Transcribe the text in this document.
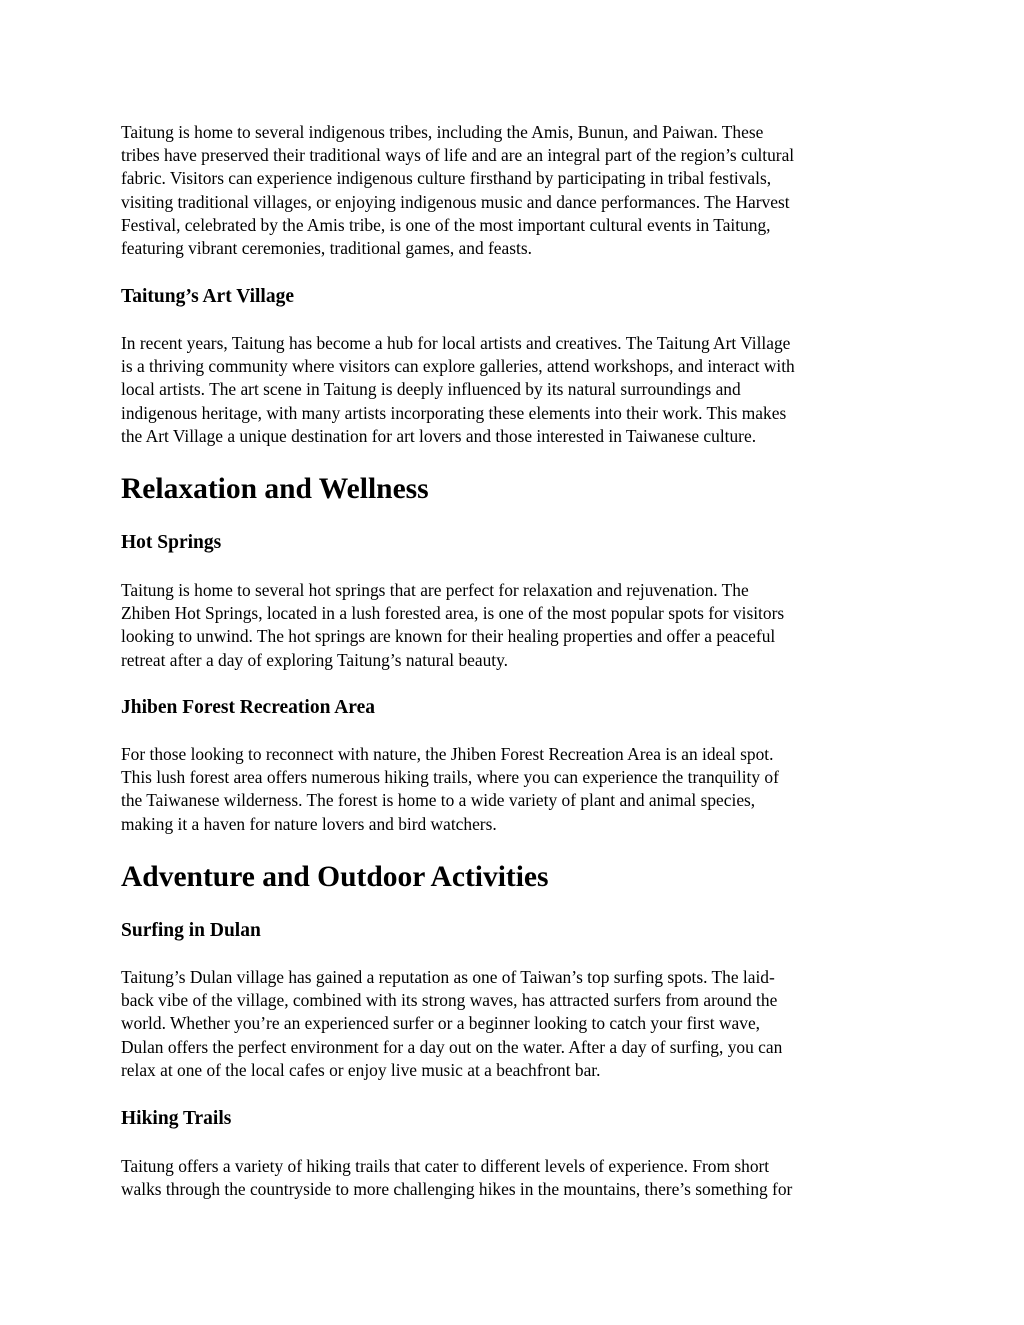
Taitung is home to several indigenous tribes, including the Amis, Bunun, and Paiwan. These
tribes have preserved their traditional ways of life and are an integral part of the region’s cultural
fabric. Visitors can experience indigenous culture firsthand by participating in tribal festivals,
visiting traditional villages, or enjoying indigenous music and dance performances. The Harvest
Festival, celebrated by the Amis tribe, is one of the most important cultural events in Taitung,
featuring vibrant ceremonies, traditional games, and feasts.
Taitung’s Art Village
In recent years, Taitung has become a hub for local artists and creatives. The Taitung Art Village
is a thriving community where visitors can explore galleries, attend workshops, and interact with
local artists. The art scene in Taitung is deeply influenced by its natural surroundings and
indigenous heritage, with many artists incorporating these elements into their work. This makes
the Art Village a unique destination for art lovers and those interested in Taiwanese culture.
Relaxation and Wellness
Hot Springs
Taitung is home to several hot springs that are perfect for relaxation and rejuvenation. The
Zhiben Hot Springs, located in a lush forested area, is one of the most popular spots for visitors
looking to unwind. The hot springs are known for their healing properties and offer a peaceful
retreat after a day of exploring Taitung’s natural beauty.
Jhiben Forest Recreation Area
For those looking to reconnect with nature, the Jhiben Forest Recreation Area is an ideal spot.
This lush forest area offers numerous hiking trails, where you can experience the tranquility of
the Taiwanese wilderness. The forest is home to a wide variety of plant and animal species,
making it a haven for nature lovers and bird watchers.
Adventure and Outdoor Activities
Surfing in Dulan
Taitung’s Dulan village has gained a reputation as one of Taiwan’s top surfing spots. The laid-
back vibe of the village, combined with its strong waves, has attracted surfers from around the
world. Whether you’re an experienced surfer or a beginner looking to catch your first wave,
Dulan offers the perfect environment for a day out on the water. After a day of surfing, you can
relax at one of the local cafes or enjoy live music at a beachfront bar.
Hiking Trails
Taitung offers a variety of hiking trails that cater to different levels of experience. From short
walks through the countryside to more challenging hikes in the mountains, there’s something for
